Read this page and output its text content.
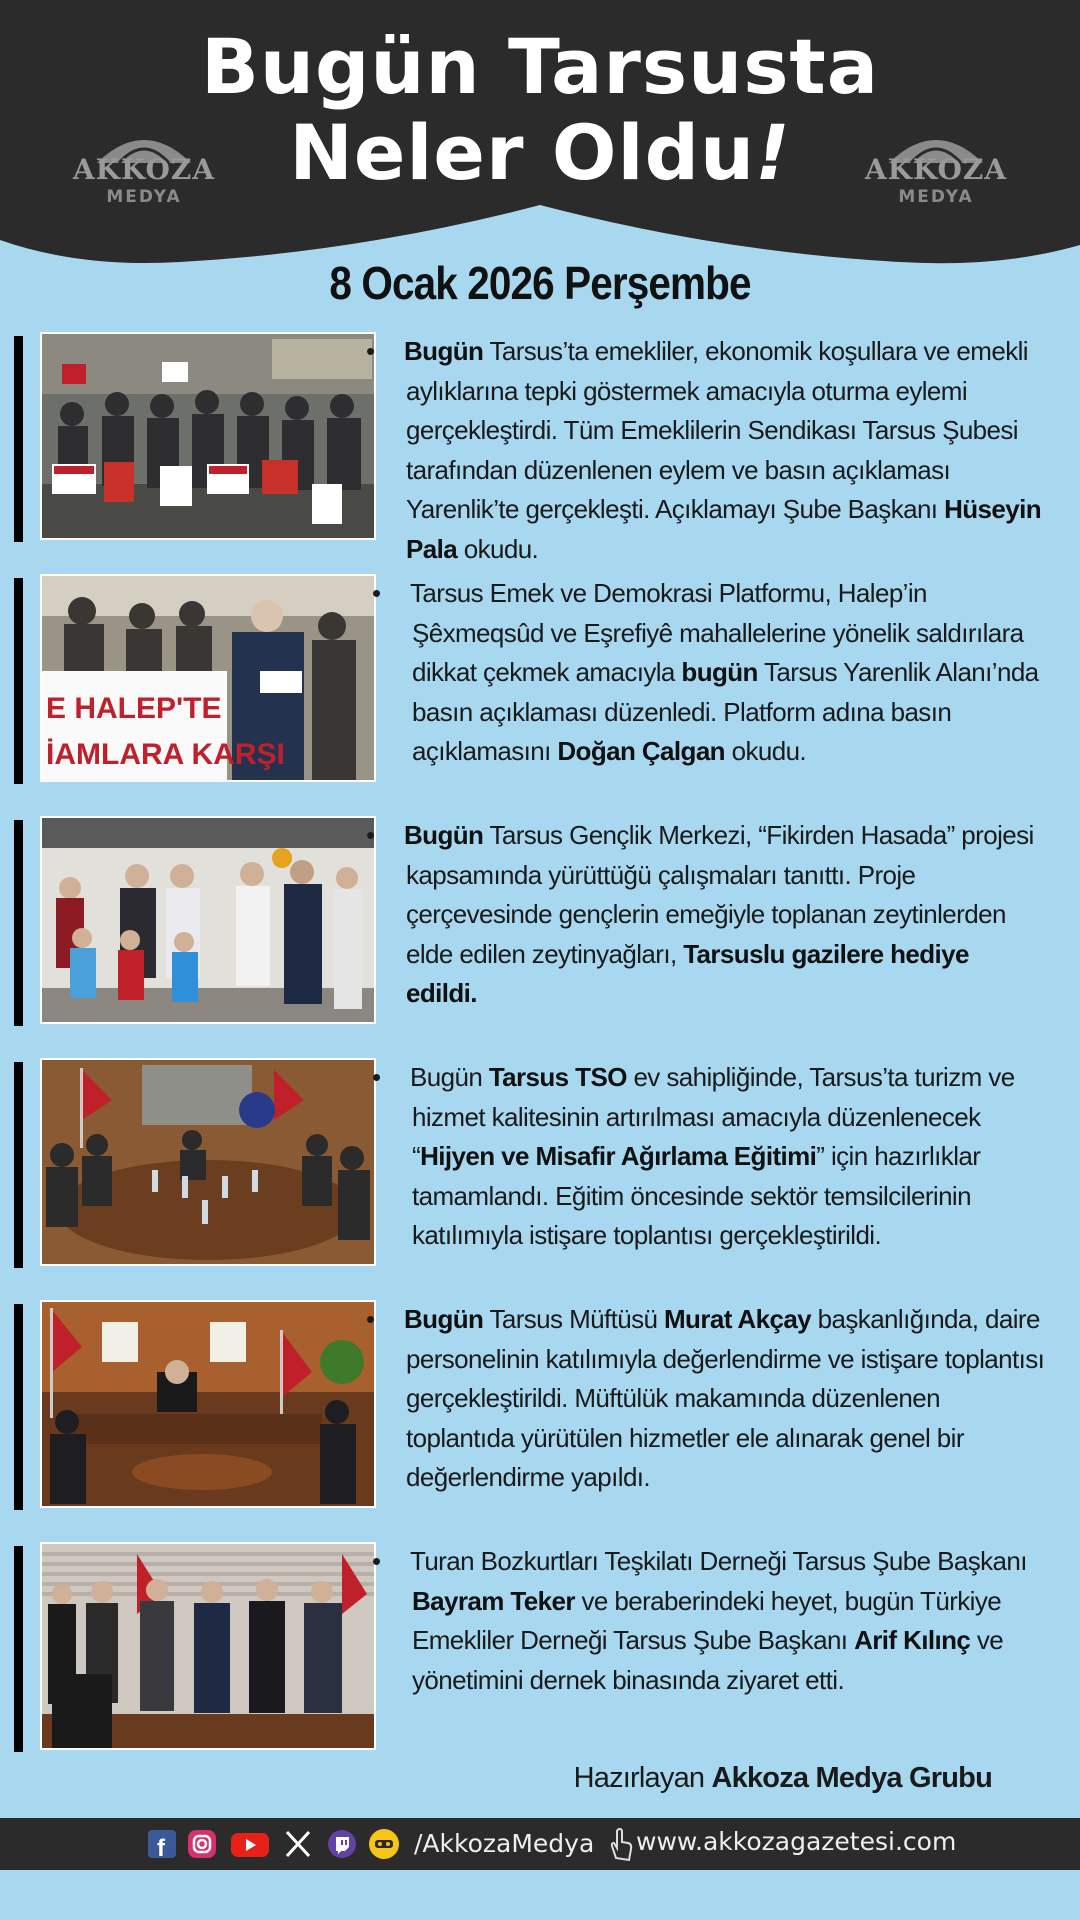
Bugün Tarsusta
Neler Oldu!
AKKOZA
MEDYA
AKKOZA
MEDYA
8 Ocak 2026 Perşembe
• Bugün Tarsus’ta emekliler, ekonomik koşullara ve emekli aylıklarına tepki göstermek amacıyla oturma eylemi gerçekleştirdi. Tüm Emeklilerin Sendikası Tarsus Şubesi tarafından düzenlenen eylem ve basın açıklaması Yarenlik’te gerçekleşti. Açıklamayı Şube Başkanı Hüseyin Pala okudu.
E HALEP'TE
İAMLARA KARŞI
• Tarsus Emek ve Demokrasi Platformu, Halep’in Şêxmeqsûd ve Eşrefiyê mahallelerine yönelik saldırılara dikkat çekmek amacıyla bugün Tarsus Yarenlik Alanı’nda basın açıklaması düzenledi. Platform adına basın açıklamasını Doğan Çalgan okudu.
• Bugün Tarsus Gençlik Merkezi, “Fikirden Hasada” projesi kapsamında yürüttüğü çalışmaları tanıttı. Proje çerçevesinde gençlerin emeğiyle toplanan zeytinlerden elde edilen zeytinyağları, Tarsuslu gazilere hediye edildi.
• Bugün Tarsus TSO ev sahipliğinde, Tarsus’ta turizm ve hizmet kalitesinin artırılması amacıyla düzenlenecek “Hijyen ve Misafir Ağırlama Eğitimi” için hazırlıklar tamamlandı. Eğitim öncesinde sektör temsilcilerinin katılımıyla istişare toplantısı gerçekleştirildi.
• Bugün Tarsus Müftüsü Murat Akçay başkanlığında, daire personelinin katılımıyla değerlendirme ve istişare toplantısı gerçekleştirildi. Müftülük makamında düzenlenen toplantıda yürütülen hizmetler ele alınarak genel bir değerlendirme yapıldı.
• Turan Bozkurtları Teşkilatı Derneği Tarsus Şube Başkanı Bayram Teker ve beraberindeki heyet, bugün Türkiye Emekliler Derneği Tarsus Şube Başkanı Arif Kılınç ve yönetimini dernek binasında ziyaret etti.
Hazırlayan Akkoza Medya Grubu
f	/AkkozaMedya www.akkozagazetesi.com
